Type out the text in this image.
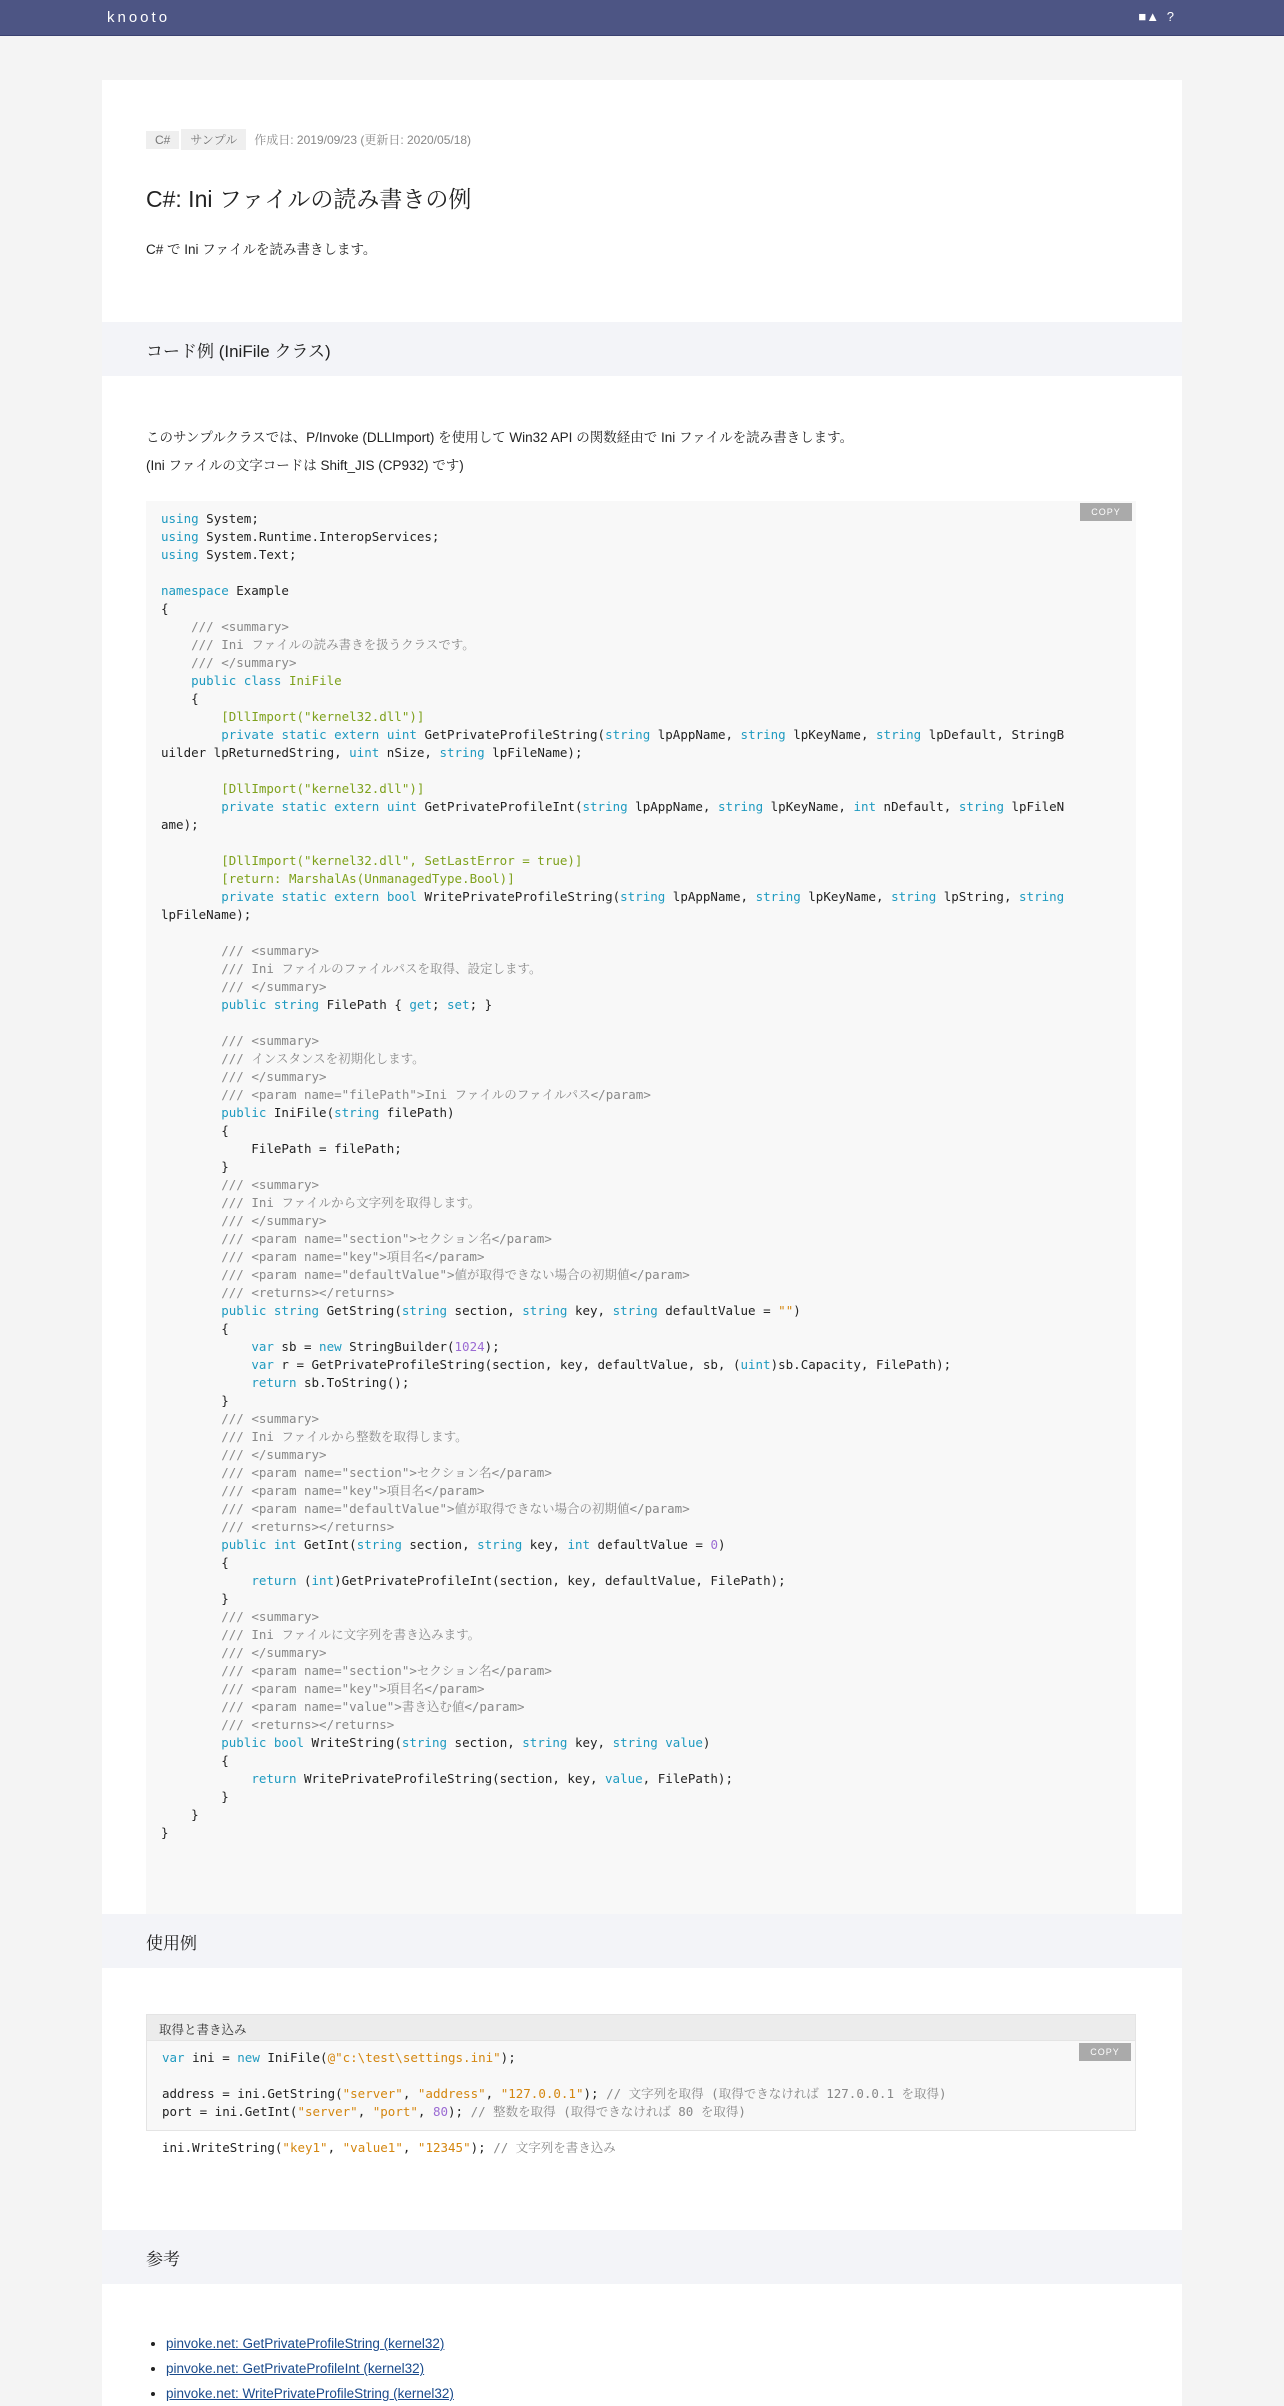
knooto	■▲ ?
C#	サンプル	作成日: 2019/09/23 (更新日: 2020/05/18)
C#: Ini ファイルの読み書きの例

C# で Ini ファイルを読み書きします。

コード例 (IniFile クラス)

このサンプルクラスでは、P/Invoke (DLLImport) を使用して Win32 API の関数経由で Ini ファイルを読み書きします。

(Ini ファイルの文字コードは Shift_JIS (CP932) です)

COPY
using System;
using System.Runtime.InteropServices;
using System.Text;

namespace Example
{
/// <summary>
/// Ini ファイルの読み書きを扱うクラスです。
/// </summary>
public class IniFile
{
[DllImport("kernel32.dll")]
private static extern uint GetPrivateProfileString(string lpAppName, string lpKeyName, string lpDefault, StringB
uilder lpReturnedString, uint nSize, string lpFileName);

[DllImport("kernel32.dll")]
private static extern uint GetPrivateProfileInt(string lpAppName, string lpKeyName, int nDefault, string lpFileN
ame);

[DllImport("kernel32.dll", SetLastError = true)]
[return: MarshalAs(UnmanagedType.Bool)]
private static extern bool WritePrivateProfileString(string lpAppName, string lpKeyName, string lpString, string
lpFileName);

/// <summary>
/// Ini ファイルのファイルパスを取得、設定します。
/// </summary>
public string FilePath { get; set; }

/// <summary>
/// インスタンスを初期化します。
/// </summary>
/// <param name="filePath">Ini ファイルのファイルパス</param>
public IniFile(string filePath)
{
FilePath = filePath;
}
/// <summary>
/// Ini ファイルから文字列を取得します。
/// </summary>
/// <param name="section">セクション名</param>
/// <param name="key">項目名</param>
/// <param name="defaultValue">値が取得できない場合の初期値</param>
/// <returns></returns>
public string GetString(string section, string key, string defaultValue = "")
{
var sb = new StringBuilder(1024);
var r = GetPrivateProfileString(section, key, defaultValue, sb, (uint)sb.Capacity, FilePath);
return sb.ToString();
}
/// <summary>
/// Ini ファイルから整数を取得します。
/// </summary>
/// <param name="section">セクション名</param>
/// <param name="key">項目名</param>
/// <param name="defaultValue">値が取得できない場合の初期値</param>
/// <returns></returns>
public int GetInt(string section, string key, int defaultValue = 0)
{
return (int)GetPrivateProfileInt(section, key, defaultValue, FilePath);
}
/// <summary>
/// Ini ファイルに文字列を書き込みます。
/// </summary>
/// <param name="section">セクション名</param>
/// <param name="key">項目名</param>
/// <param name="value">書き込む値</param>
/// <returns></returns>
public bool WriteString(string section, string key, string value)
{
return WritePrivateProfileString(section, key, value, FilePath);
}
}
}
使用例
取得と書き込み
COPY
var ini = new IniFile(@"c:\test\settings.ini");

address = ini.GetString("server", "address", "127.0.0.1"); // 文字列を取得 (取得できなければ 127.0.0.1 を取得)
port = ini.GetInt("server", "port", 80); // 整数を取得 (取得できなければ 80 を取得)

ini.WriteString("key1", "value1", "12345"); // 文字列を書き込み
参考
• pinvoke.net: GetPrivateProfileString (kernel32)
• pinvoke.net: GetPrivateProfileInt (kernel32)
• pinvoke.net: WritePrivateProfileString (kernel32)
